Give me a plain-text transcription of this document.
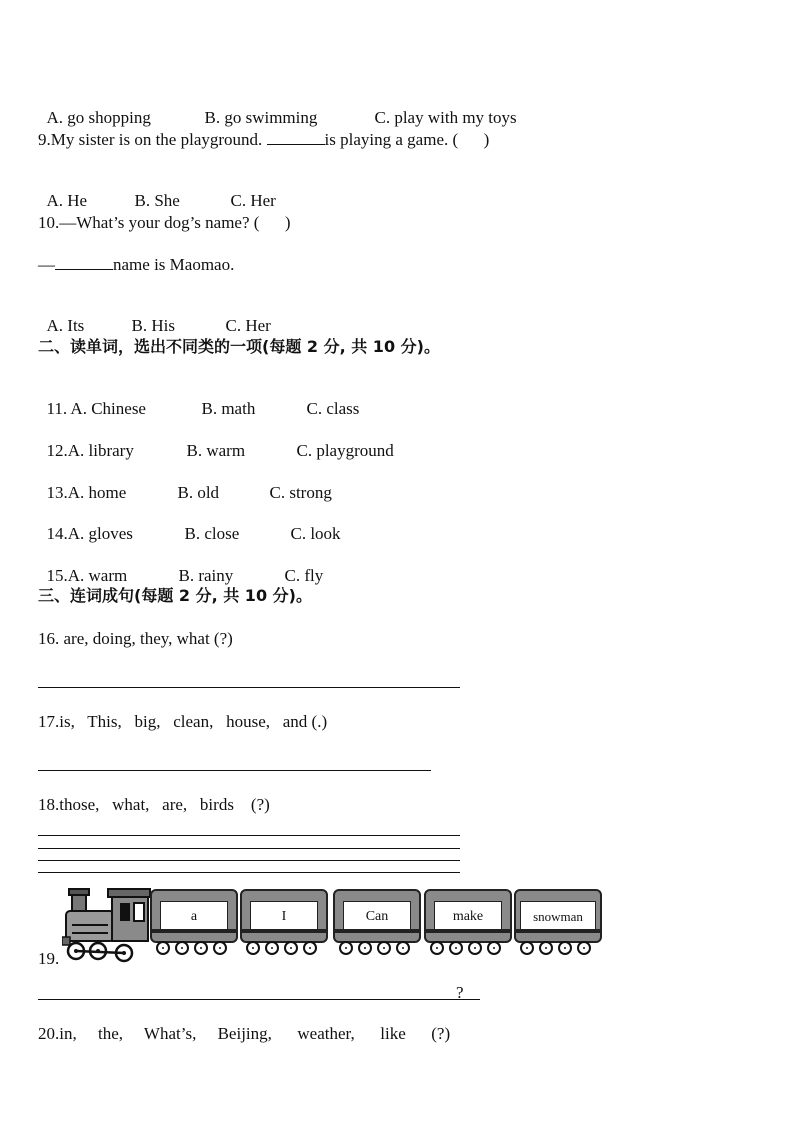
A. go shopping	B. go swimming	C. play with my toys

9.My sister is on the playground.	is playing a game. (      )

A. He	B. She	C. Her

10.—What’s your dog’s name? (      )
—	name is Maomao.

A. Its	B. His	C. Her

二、读单词，选出不同类的一项(每题 2 分, 共 10 分)。

11. A. Chinese	B. math	C. class

12.A. library	B. warm	C. playground

13.A. home	B. old	C. strong

14.A. gloves	B. close	C. look

15.A. warm	B. rainy	C. fly

三、连词成句(每题 2 分, 共 10 分)。
16. are, doing, they, what (?)
17.is,   This,   big,   clean,   house,   and (.)
18.those,   what,   are,   birds    (?)
19.
a	I	Can	make	snowman
?
20.in,     the,     What’s,     Beijing,      weather,      like      (?)
